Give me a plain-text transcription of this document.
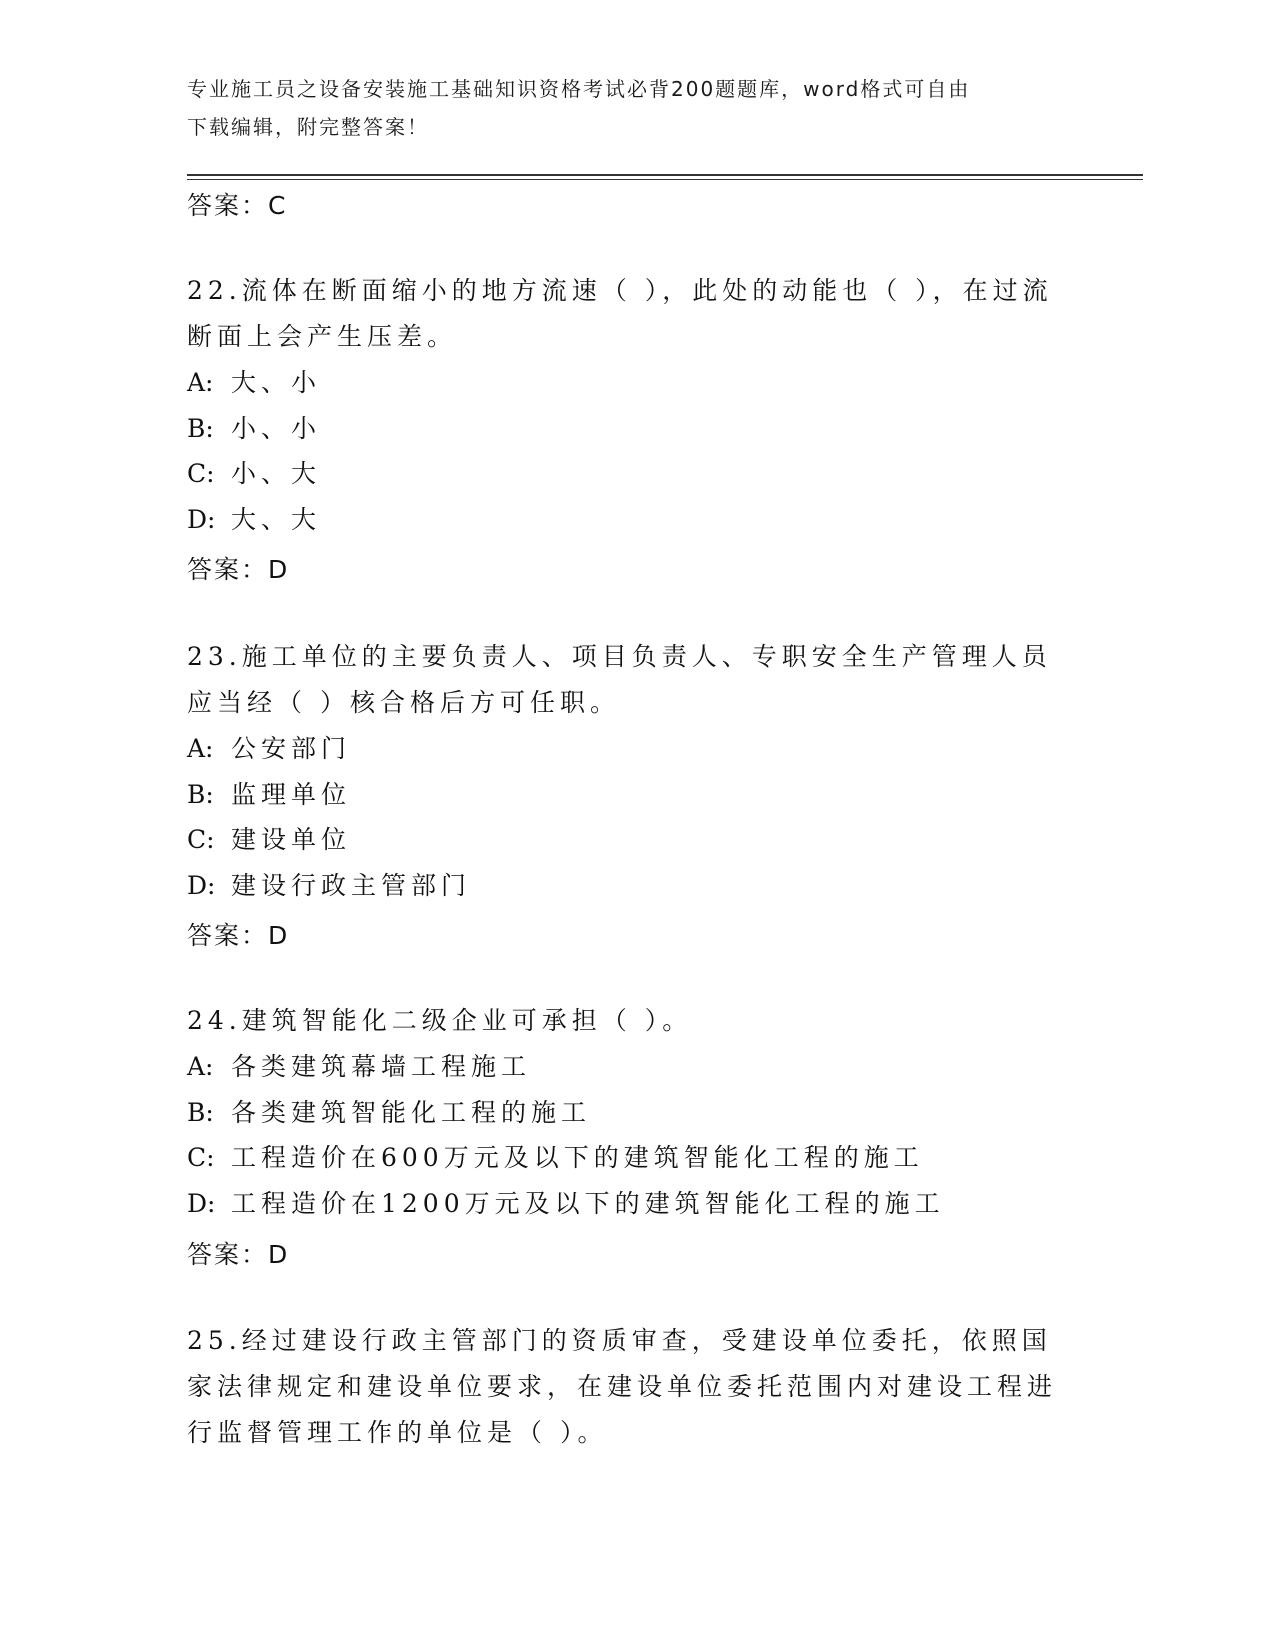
专业施工员之设备安装施工基础知识资格考试必背200题题库，word格式可自由
下载编辑，附完整答案！
答案：C

22.流体在断面缩小的地方流速（ ），此处的动能也（ ），在过流断面上会产生压差。

A: 大、小
B: 小、小
C: 小、大
D: 大、大
答案：D

23.施工单位的主要负责人、项目负责人、专职安全生产管理人员应当经（ ）核合格后方可任职。

A: 公安部门
B: 监理单位
C: 建设单位
D: 建设行政主管部门
答案：D

24.建筑智能化二级企业可承担（ ）。

A: 各类建筑幕墙工程施工
B: 各类建筑智能化工程的施工
C: 工程造价在600万元及以下的建筑智能化工程的施工
D: 工程造价在1200万元及以下的建筑智能化工程的施工
答案：D

25.经过建设行政主管部门的资质审查，受建设单位委托，依照国家法律规定和建设单位要求，在建设单位委托范围内对建设工程进行监督管理工作的单位是（ ）。
